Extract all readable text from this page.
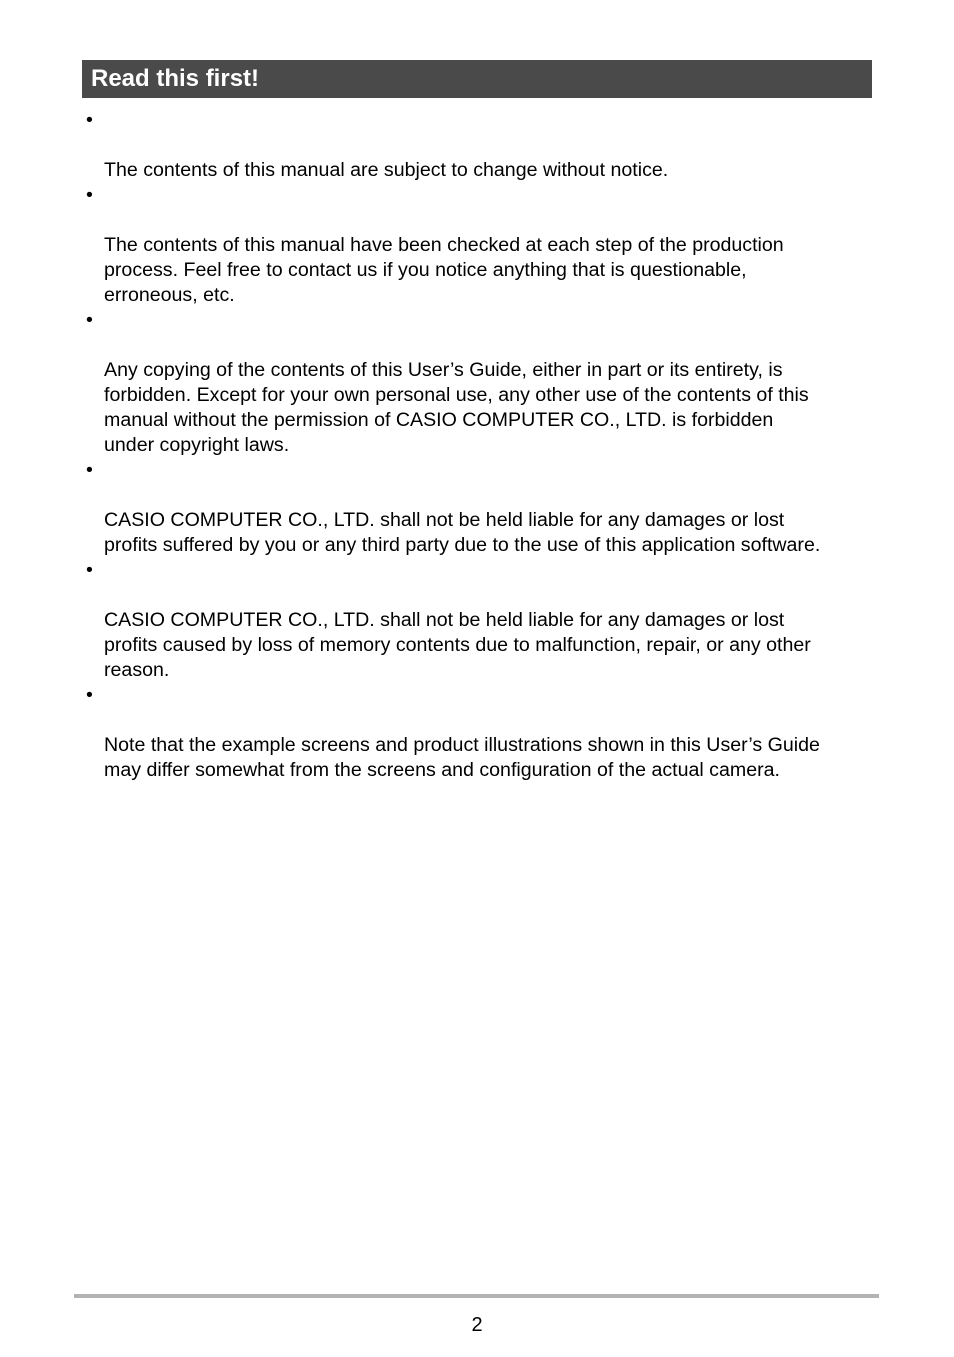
Read this first!

•

The contents of this manual are subject to change without notice.

•

The contents of this manual have been checked at each step of the production
process. Feel free to contact us if you notice anything that is questionable,
erroneous, etc.

•

Any copying of the contents of this User’s Guide, either in part or its entirety, is
forbidden. Except for your own personal use, any other use of the contents of this
manual without the permission of CASIO COMPUTER CO., LTD. is forbidden
under copyright laws.

•

CASIO COMPUTER CO., LTD. shall not be held liable for any damages or lost
profits suffered by you or any third party due to the use of this application software.

•

CASIO COMPUTER CO., LTD. shall not be held liable for any damages or lost
profits caused by loss of memory contents due to malfunction, repair, or any other
reason.

•

Note that the example screens and product illustrations shown in this User’s Guide
may differ somewhat from the screens and configuration of the actual camera.

2
